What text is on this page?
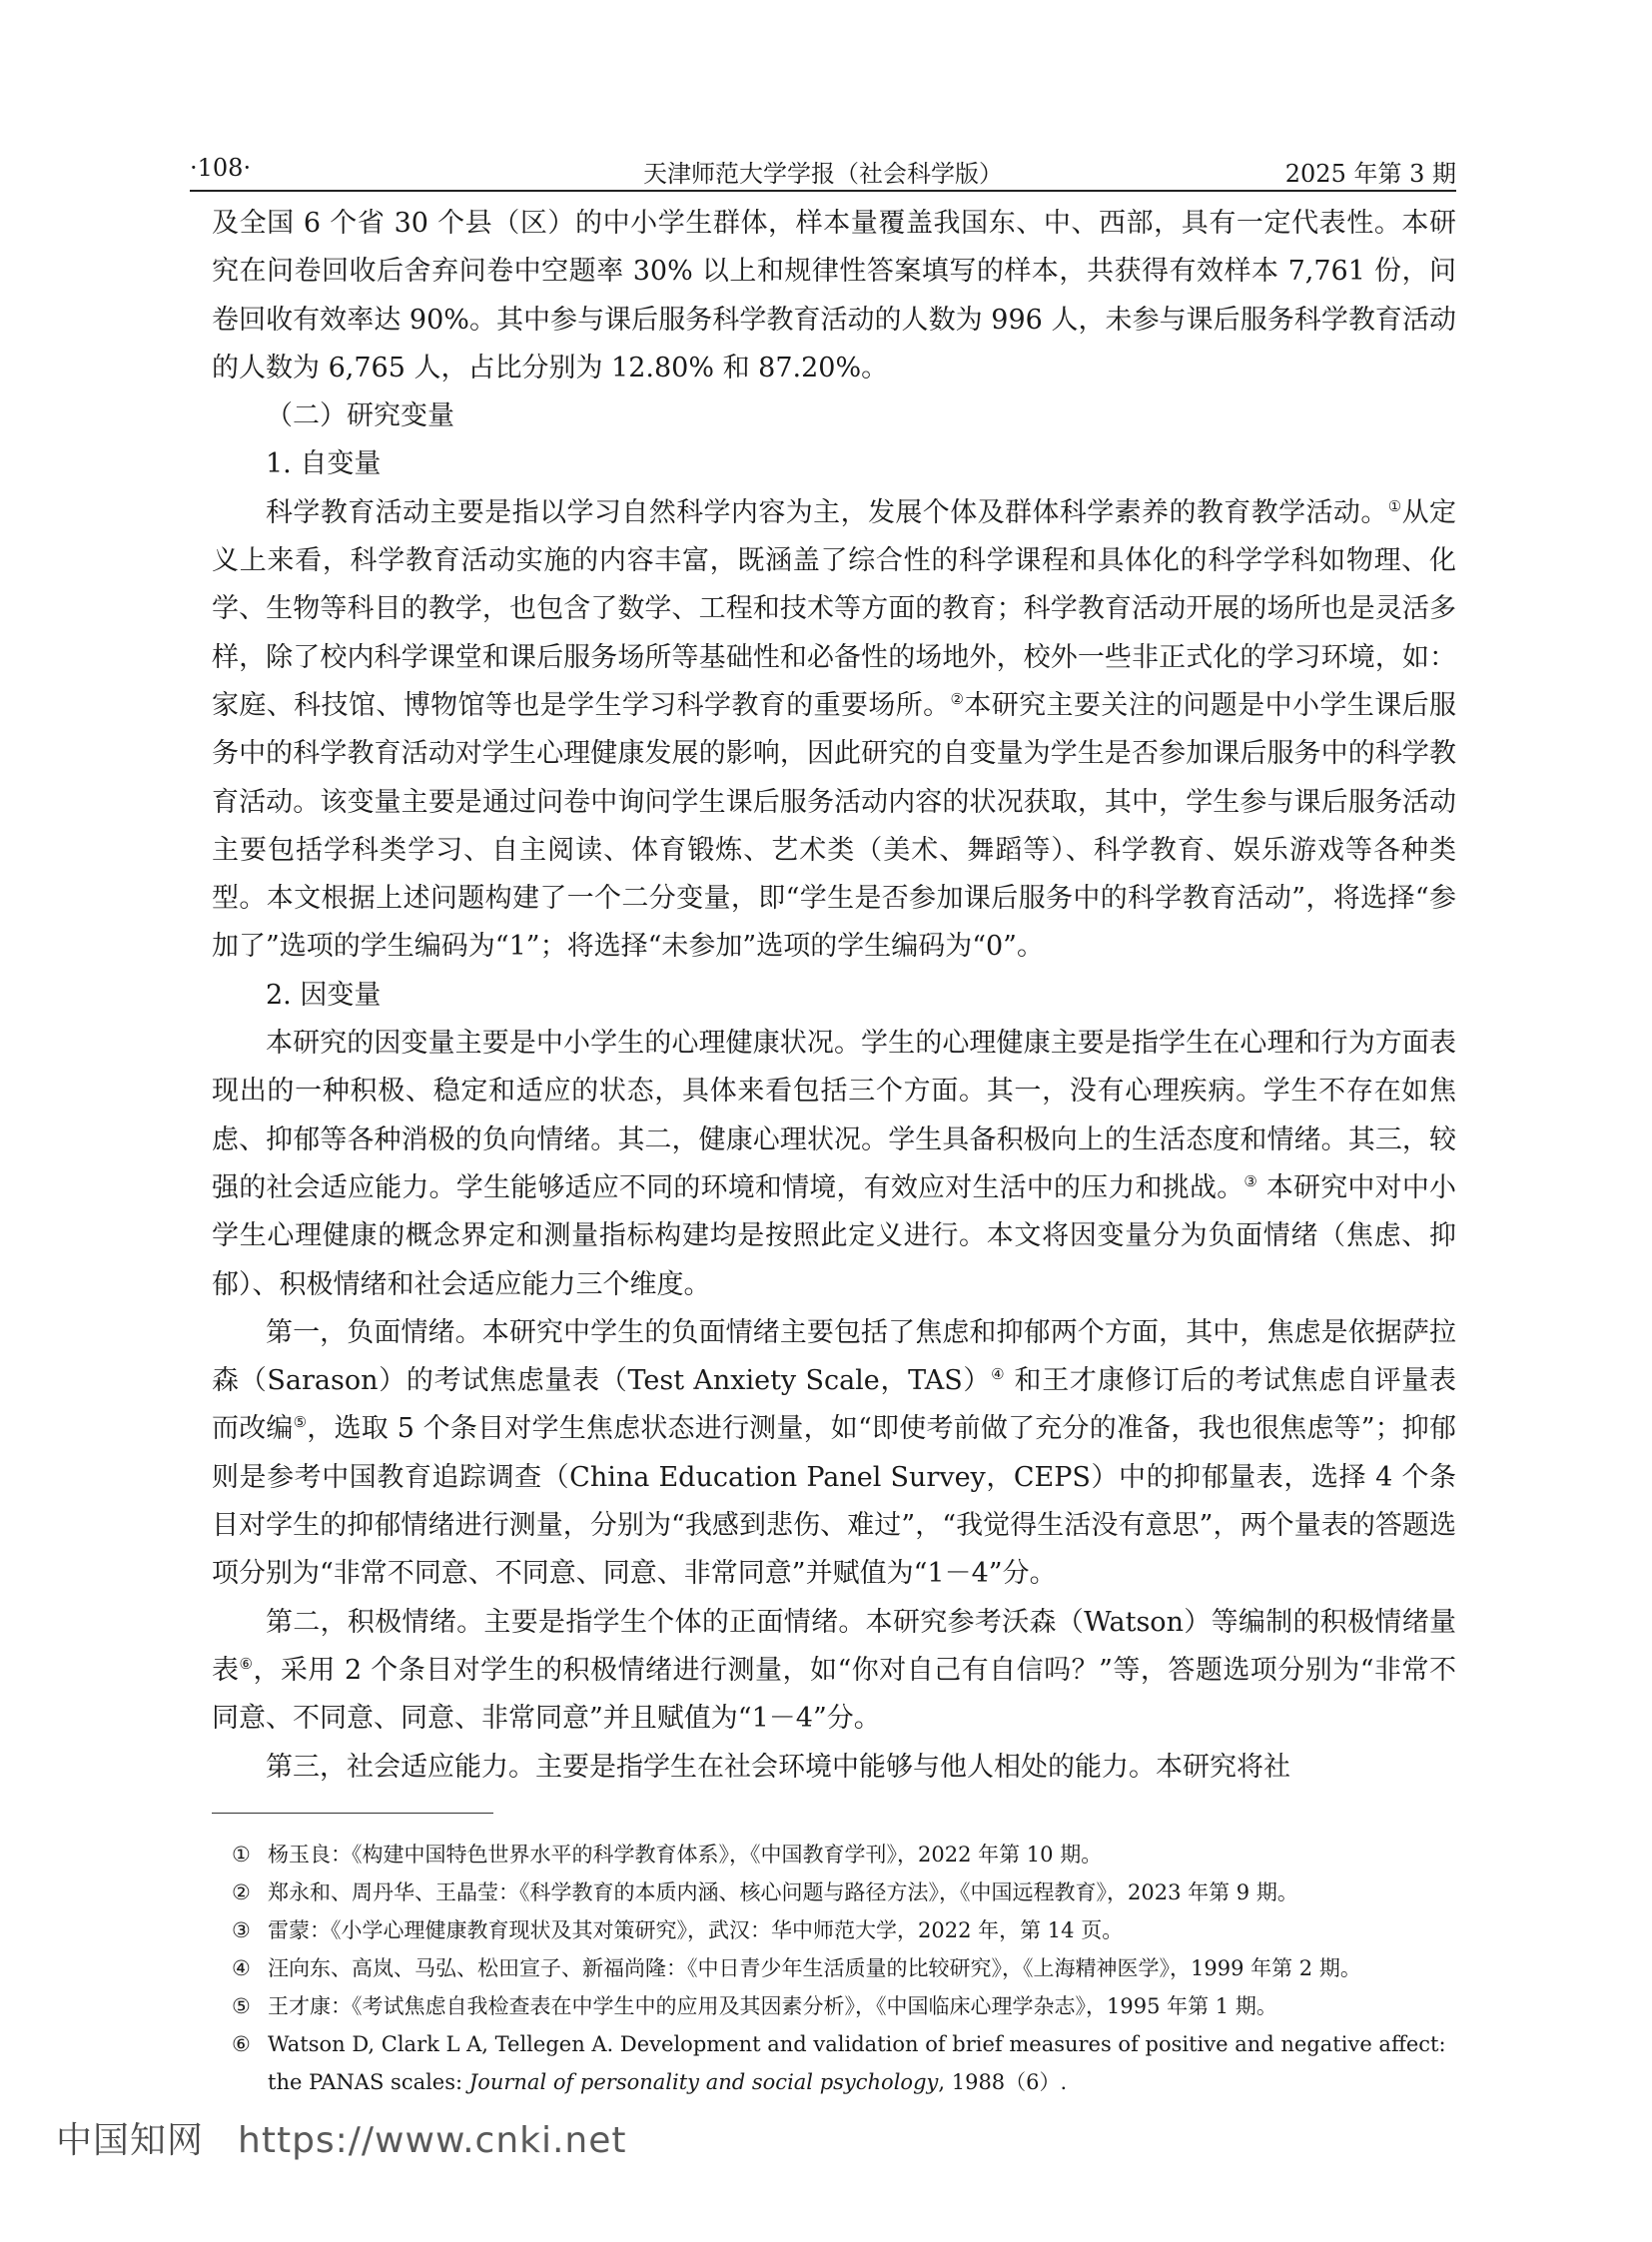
·108·	天津师范大学学报（社会科学版）	2025 年第 3 期

及全国 6 个省 30 个县（区）的中小学生群体，样本量覆盖我国东、中、西部，具有一定代表性。本研究在问卷回收后舍弃问卷中空题率 30% 以上和规律性答案填写的样本，共获得有效样本 7,761 份，问卷回收有效率达 90%。其中参与课后服务科学教育活动的人数为 996 人，未参与课后服务科学教育活动的人数为 6,765 人，占比分别为 12.80% 和 87.20%。

（二）研究变量

1. 自变量

科学教育活动主要是指以学习自然科学内容为主，发展个体及群体科学素养的教育教学活动。①从定义上来看，科学教育活动实施的内容丰富，既涵盖了综合性的科学课程和具体化的科学学科如物理、化学、生物等科目的教学，也包含了数学、工程和技术等方面的教育；科学教育活动开展的场所也是灵活多样，除了校内科学课堂和课后服务场所等基础性和必备性的场地外，校外一些非正式化的学习环境，如：家庭、科技馆、博物馆等也是学生学习科学教育的重要场所。②本研究主要关注的问题是中小学生课后服务中的科学教育活动对学生心理健康发展的影响，因此研究的自变量为学生是否参加课后服务中的科学教育活动。该变量主要是通过问卷中询问学生课后服务活动内容的状况获取，其中，学生参与课后服务活动主要包括学科类学习、自主阅读、体育锻炼、艺术类（美术、舞蹈等）、科学教育、娱乐游戏等各种类型。本文根据上述问题构建了一个二分变量，即“学生是否参加课后服务中的科学教育活动”，将选择“参加了”选项的学生编码为“1”；将选择“未参加”选项的学生编码为“0”。

2. 因变量

本研究的因变量主要是中小学生的心理健康状况。学生的心理健康主要是指学生在心理和行为方面表现出的一种积极、稳定和适应的状态，具体来看包括三个方面。其一，没有心理疾病。学生不存在如焦虑、抑郁等各种消极的负向情绪。其二，健康心理状况。学生具备积极向上的生活态度和情绪。其三，较强的社会适应能力。学生能够适应不同的环境和情境，有效应对生活中的压力和挑战。③ 本研究中对中小学生心理健康的概念界定和测量指标构建均是按照此定义进行。本文将因变量分为负面情绪（焦虑、抑郁）、积极情绪和社会适应能力三个维度。

第一，负面情绪。本研究中学生的负面情绪主要包括了焦虑和抑郁两个方面，其中，焦虑是依据萨拉森（Sarason）的考试焦虑量表（Test Anxiety Scale，TAS）④ 和王才康修订后的考试焦虑自评量表而改编⑤，选取 5 个条目对学生焦虑状态进行测量，如“即使考前做了充分的准备，我也很焦虑等”；抑郁则是参考中国教育追踪调查（China Education Panel Survey，CEPS）中的抑郁量表，选择 4 个条目对学生的抑郁情绪进行测量，分别为“我感到悲伤、难过”，“我觉得生活没有意思”，两个量表的答题选项分别为“非常不同意、不同意、同意、非常同意”并赋值为“1－4”分。

第二，积极情绪。主要是指学生个体的正面情绪。本研究参考沃森（Watson）等编制的积极情绪量表⑥，采用 2 个条目对学生的积极情绪进行测量，如“你对自己有自信吗？”等，答题选项分别为“非常不同意、不同意、同意、非常同意”并且赋值为“1－4”分。

第三，社会适应能力。主要是指学生在社会环境中能够与他人相处的能力。本研究将社

① 杨玉良：《构建中国特色世界水平的科学教育体系》，《中国教育学刊》，2022 年第 10 期。
② 郑永和、周丹华、王晶莹：《科学教育的本质内涵、核心问题与路径方法》，《中国远程教育》，2023 年第 9 期。
③ 雷蒙：《小学心理健康教育现状及其对策研究》，武汉：华中师范大学，2022 年，第 14 页。
④ 汪向东、高岚、马弘、松田宣子、新福尚隆：《中日青少年生活质量的比较研究》，《上海精神医学》，1999 年第 2 期。
⑤ 王才康：《考试焦虑自我检查表在中学生中的应用及其因素分析》，《中国临床心理学杂志》，1995 年第 1 期。
⑥ Watson D, Clark L A, Tellegen A. Development and validation of brief measures of positive and negative affect: the PANAS scales: Journal of personality and social psychology, 1988（6）.
中国知网 https://www.cnki.net
